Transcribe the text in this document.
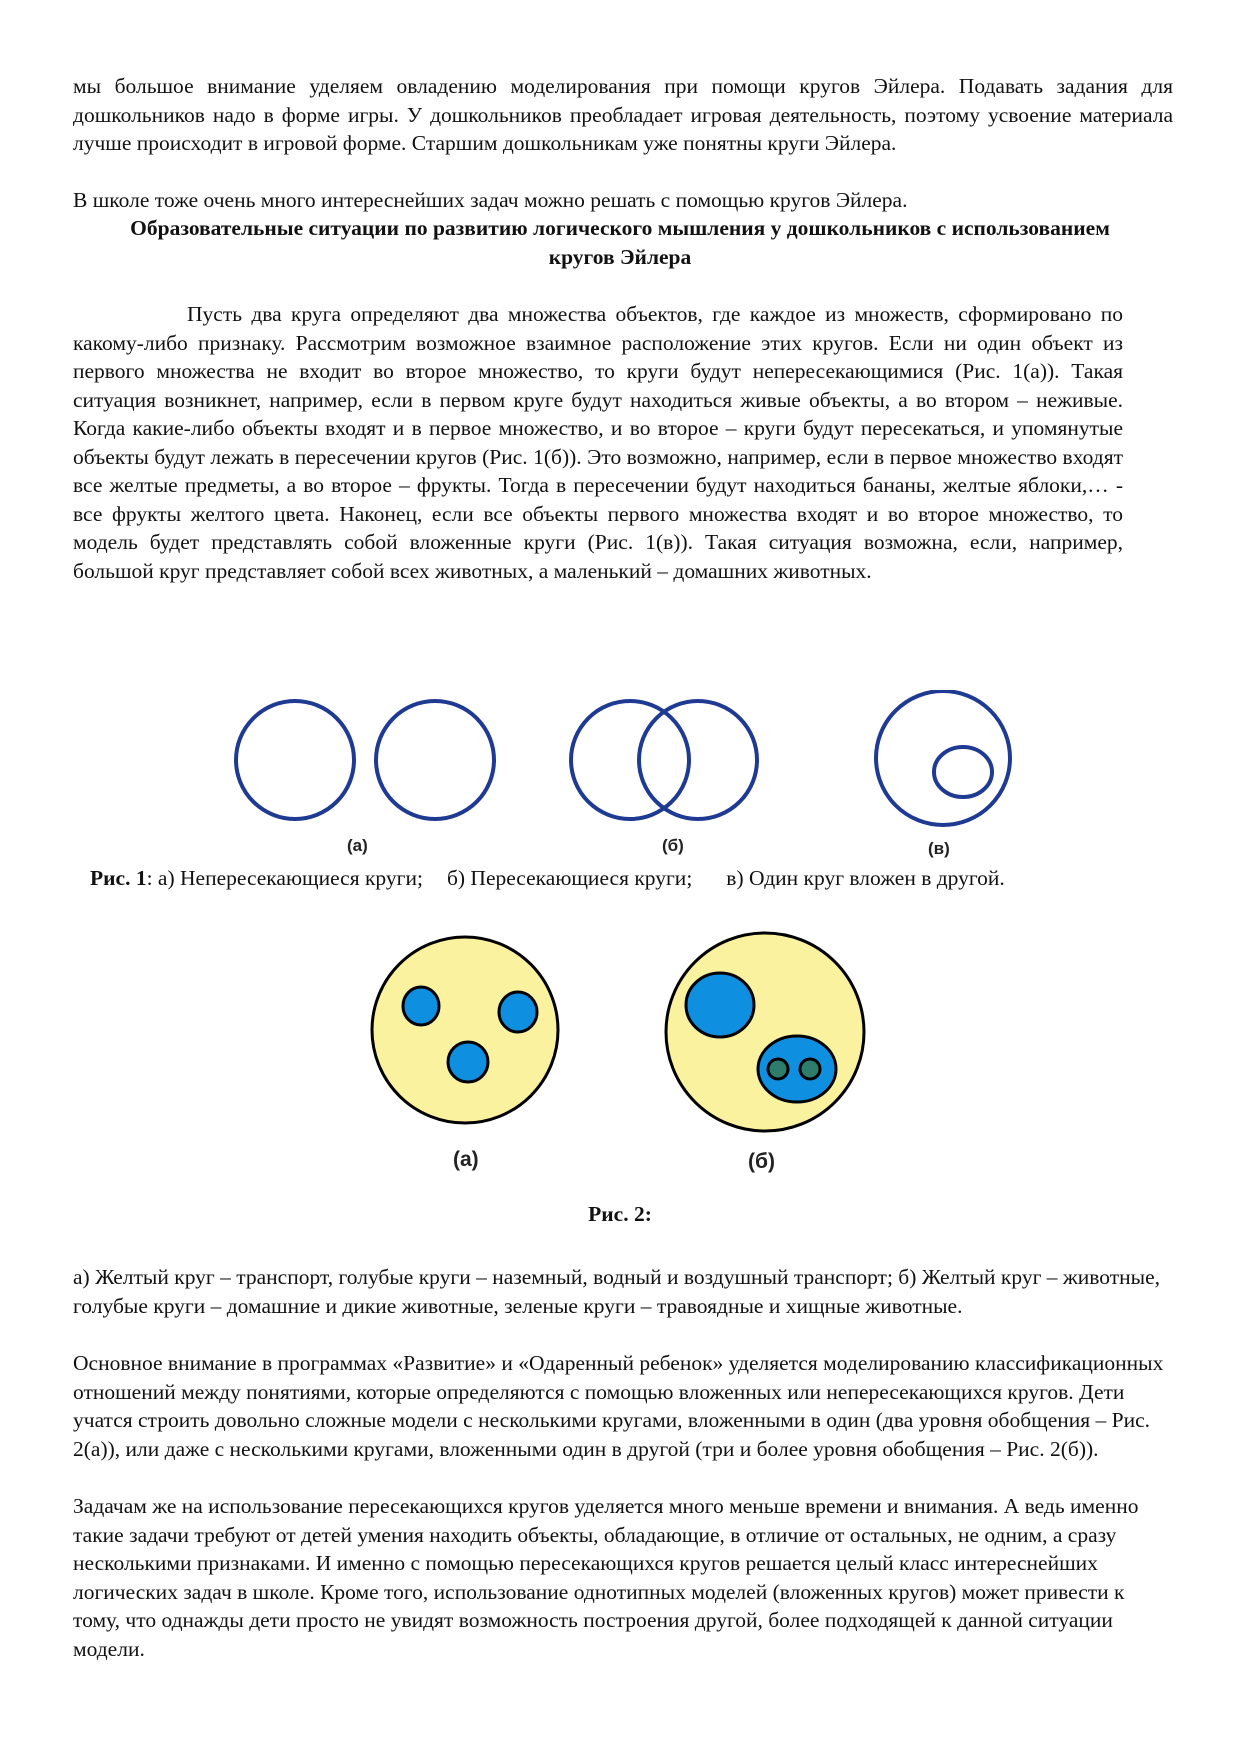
мы большое внимание уделяем овладению моделирования при помощи кругов Эйлера. Подавать задания для дошкольников надо в форме игры. У дошкольников преобладает игровая деятельность, поэтому усвоение материала лучше происходит в игровой форме. Старшим дошкольникам уже понятны круги Эйлера.

В школе тоже очень много интереснейших задач можно решать с помощью кругов Эйлера.

Образовательные ситуации по развитию логического мышления у дошкольников с использованием кругов Эйлера

Пусть два круга определяют два множества объектов, где каждое из множеств, сформировано по какому-либо признаку. Рассмотрим возможное взаимное расположение этих кругов. Если ни один объект из первого множества не входит во второе множество, то круги будут непересекающимися (Рис. 1(а)). Такая ситуация возникнет, например, если в первом круге будут находиться живые объекты, а во втором – неживые. Когда какие-либо объекты входят и в первое множество, и во второе – круги будут пересекаться, и упомянутые объекты будут лежать в пересечении кругов (Рис. 1(б)). Это возможно, например, если в первое множество входят все желтые предметы, а во второе – фрукты. Тогда в пересечении будут находиться бананы, желтые яблоки,… - все фрукты желтого цвета. Наконец, если все объекты первого множества входят и во второе множество, то модель будет представлять собой вложенные круги (Рис. 1(в)). Такая ситуация возможна, если, например, большой круг представляет собой всех животных, а маленький – домашних животных.

(а)	(б)	(в)
Рис. 1: а) Непересекающиеся круги; б) Пересекающиеся круги; в) Один круг вложен в другой.
(а)	(б)
Рис. 2:

а) Желтый круг – транспорт, голубые круги – наземный, водный и воздушный транспорт; б) Желтый круг – животные, голубые круги – домашние и дикие животные, зеленые круги – травоядные и хищные животные.

Основное внимание в программах «Развитие» и «Одаренный ребенок» уделяется моделированию классификационных отношений между понятиями, которые определяются с помощью вложенных или непересекающихся кругов. Дети учатся строить довольно сложные модели с несколькими кругами, вложенными в один (два уровня обобщения – Рис. 2(а)), или даже с несколькими кругами, вложенными один в другой (три и более уровня обобщения – Рис. 2(б)).

Задачам же на использование пересекающихся кругов уделяется много меньше времени и внимания. А ведь именно такие задачи требуют от детей умения находить объекты, обладающие, в отличие от остальных, не одним, а сразу несколькими признаками. И именно с помощью пересекающихся кругов решается целый класс интереснейших логических задач в школе. Кроме того, использование однотипных моделей (вложенных кругов) может привести к тому, что однажды дети просто не увидят возможность построения другой, более подходящей к данной ситуации модели.
